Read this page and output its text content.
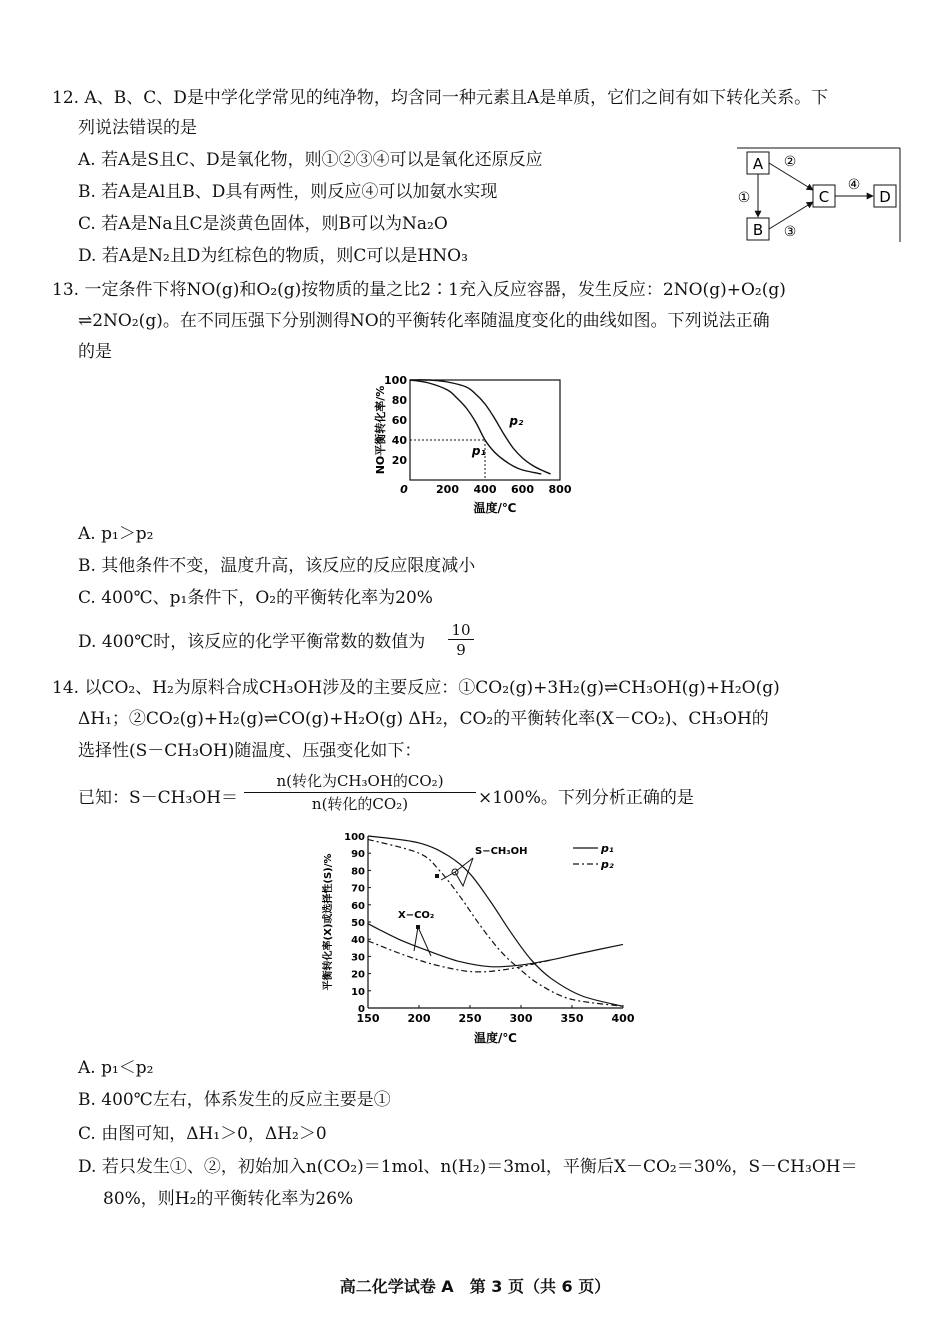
12. A、B、C、D是中学化学常见的纯净物，均含同一种元素且A是单质，它们之间有如下转化关系。下
列说法错误的是
A. 若A是S且C、D是氧化物，则①②③④可以是氧化还原反应
B. 若A是Al且B、D具有两性，则反应④可以加氨水实现
C. 若A是Na且C是淡黄色固体，则B可以为Na₂O
D. 若A是N₂且D为红棕色的物质，则C可以是HNO₃
A
B
C	D
②
①
③
④
13. 一定条件下将NO(g)和O₂(g)按物质的量之比2∶1充入反应容器，发生反应：2NO(g)+O₂(g)
⇌2NO₂(g)。在不同压强下分别测得NO的平衡转化率随温度变化的曲线如图。下列说法正确
的是
0	200 400 600 800
20
40
60
80
100
温度/℃
NO平衡转化率/%	p₁
p₂
A. p₁＞p₂
B. 其他条件不变，温度升高，该反应的反应限度减小
C. 400℃、p₁条件下，O₂的平衡转化率为20%
D. 400℃时，该反应的化学平衡常数的数值为 $\frac{10}{9}$
14. 以CO₂、H₂为原料合成CH₃OH涉及的主要反应：①CO₂(g)+3H₂(g)⇌CH₃OH(g)+H₂O(g)
ΔH₁；②CO₂(g)+H₂(g)⇌CO(g)+H₂O(g) ΔH₂，CO₂的平衡转化率(X－CO₂)、CH₃OH的
选择性(S－CH₃OH)随温度、压强变化如下：
已知：S－CH₃OH＝
n(转化为CH₃OH的CO₂)
n(转化的CO₂)	×100%。下列分析正确的是
150	200	250	300	350	400
0
10
20
30
40
50
60
70
80
90
100
温度/℃
平衡转化率(X)或选择性(S)/%
p₁
p₂
S−CH₃OH
X−CO₂
A. p₁＜p₂
B. 400℃左右，体系发生的反应主要是①
C. 由图可知，ΔH₁＞0，ΔH₂＞0
D. 若只发生①、②，初始加入n(CO₂)＝1mol、n(H₂)＝3mol，平衡后X－CO₂＝30%，S－CH₃OH＝
80%，则H₂的平衡转化率为26%
高二化学试卷 A　第 3 页（共 6 页）
